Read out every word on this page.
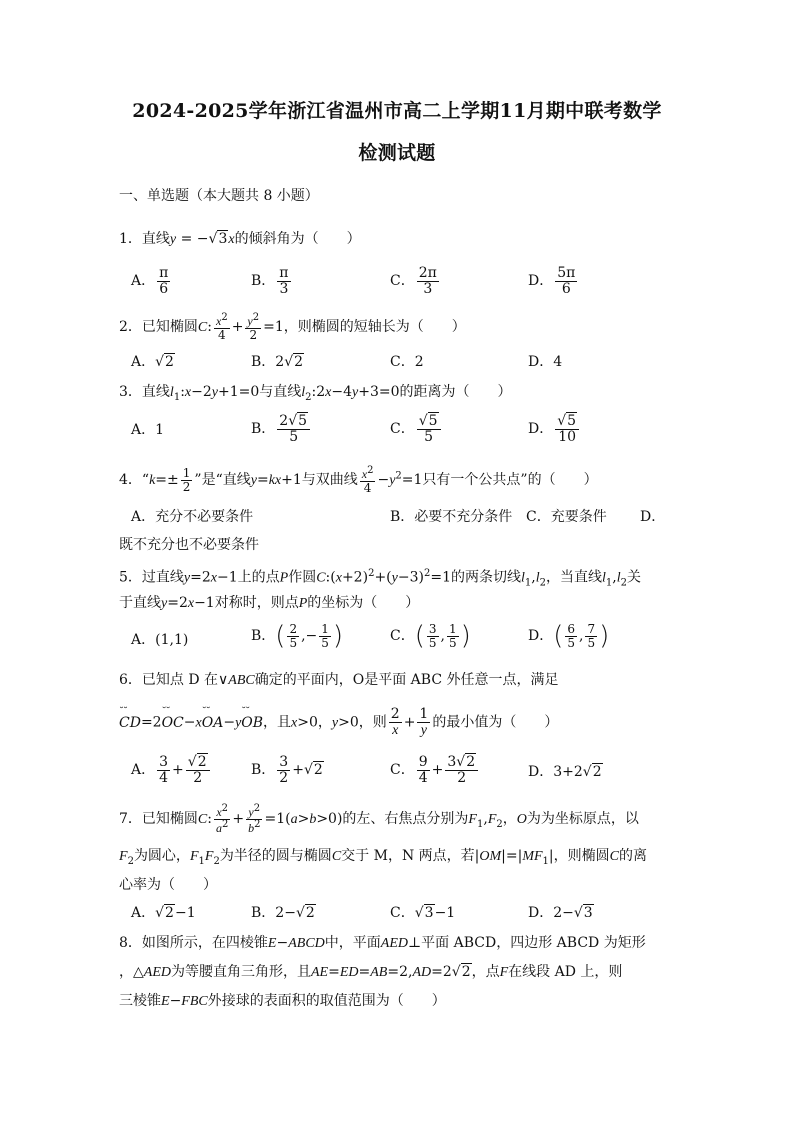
2024-2025学年浙江省温州市高二上学期11月期中联考数学
检测试题
一、单选题（本大题共 8 小题）
1．直线y = −√3x的倾斜角为（　　）
A． $\frac{\pi}{6}$	B． $\frac{\pi}{3}$	C． $\frac{2\pi}{3}$	D． $\frac{5\pi}{6}$
2．已知椭圆C: $\frac{x^2}{4} + \frac{y^2}{2} =1$，则椭圆的短轴长为（　　）
A．√2	B．2√2	C．2	D．4
3．直线$l_1:x-2y+1=0$与直线$l_2:2x-4y+3=0$的距离为（　　）
A．1	B． $\frac{2√5}{5}$	C． $\frac{√5}{5}$	D． $\frac{√5}{10}$
4．“$k=\pm \frac{1}{2}$ ”是“直线y=kx+1与双曲线 $\frac{x^2}{4} -y^2=1$只有一个公共点”的（　　）
A．充分不必要条件	B．必要不充分条件 C．充要条件 D．
既不充分也不必要条件
5．过直线y=2x−1上的点P作圆$C:(x+2)^2+(y-3)^2=1$的两条切线$l_1,l_2$，当直线$l_1,l_2$关
于直线y=2x−1对称时，则点P的坐标为（　　）
A．(1,1)	B．( $\frac{2}{5}$ ,− $\frac{1}{5}$ )	C．( $\frac{3}{5}$ , $\frac{1}{5}$ )	D．( $\frac{6}{5}$ , $\frac{7}{5}$ )
6．已知点 D 在∨ABC确定的平面内，O是平面 ABC 外任意一点，满足
˘˘ CD=2˘˘ OC−x˘˘ OA−y˘˘ OB，且x>0，y>0，则 $\frac{2}{x} + \frac{1}{y}$ 的最小值为（　　）
A． $\frac{3}{4} + \frac{√2}{2}$	B． $\frac{3}{2} +√2$	C． $\frac{9}{4} + \frac{3√2}{2}$	D．3+2√2
7．已知椭圆C: $\frac{x^2}{a^2} + \frac{y^2}{b^2} =1(a>b>0)$的左、右焦点分别为$F_1,F_2$，O为为坐标原点，以
$F_2$为圆心，$F_1F_2$为半径的圆与椭圆C交于 M，N 两点，若$|OM|=|MF_1|$，则椭圆C的离
心率为（　　）
A．√2−1	B．2−√2	C．√3−1	D．2−√3
8．如图所示，在四棱锥E−ABCD中，平面AED⊥平面 ABCD，四边形 ABCD 为矩形
，△AED为等腰直角三角形，且AE=ED=AB=2,AD=2√2，点F在线段 AD 上，则
三棱锥E−FBC外接球的表面积的取值范围为（　　）
